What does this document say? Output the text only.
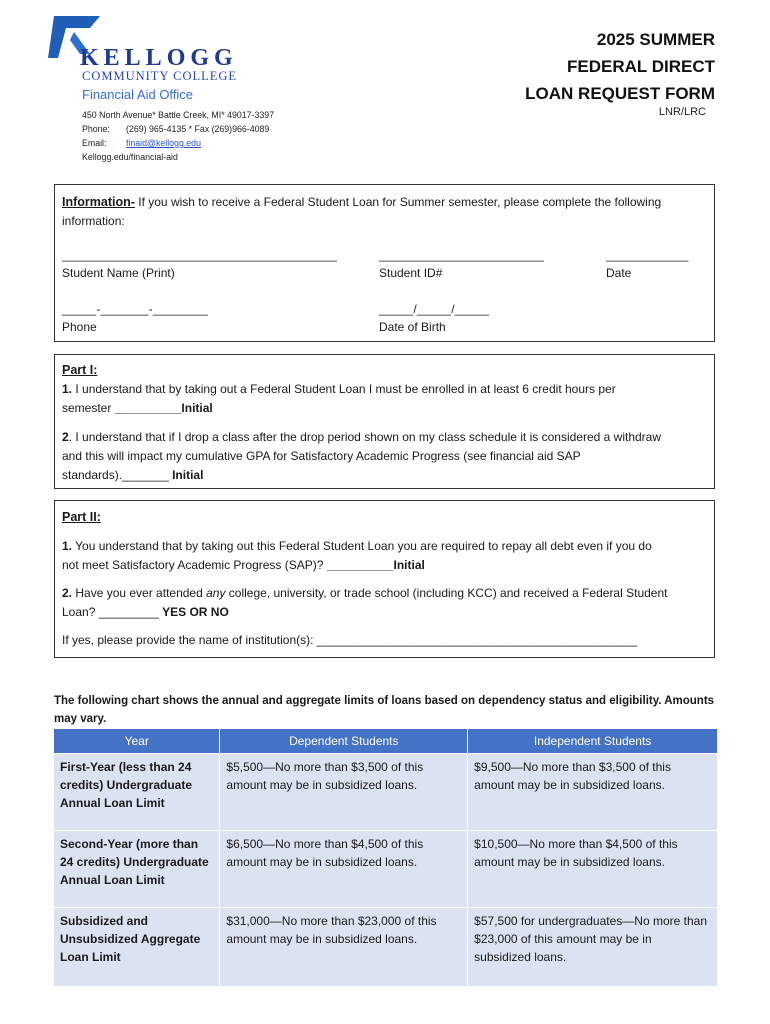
KELLOGG
COMMUNITY COLLEGE
Financial Aid Office
450 North Avenue* Battle Creek, MI* 49017-3397
Phone: (269) 965-4135 * Fax (269)966-4089
Email: finaid@kellogg.edu
Kellogg.edu/financial-aid
2025 SUMMER
FEDERAL DIRECT
LOAN REQUEST FORM
LNR/LRC
Information- If you wish to receive a Federal Student Loan for Summer semester, please complete the following
information:
________________________________________
Student Name (Print)
________________________
Student ID#
____________
Date
_____-_______-________
Phone
_____/_____/_____
Date of Birth
Part I:
1. I understand that by taking out a Federal Student Loan I must be enrolled in at least 6 credit hours per
semester __________Initial
2. I understand that if I drop a class after the drop period shown on my class schedule it is considered a withdraw
and this will impact my cumulative GPA for Satisfactory Academic Progress (see financial aid SAP
standards)._______ Initial
Part II:
1. You understand that by taking out this Federal Student Loan you are required to repay all debt even if you do
not meet Satisfactory Academic Progress (SAP)? __________Initial
2. Have you ever attended any college, university, or trade school (including KCC) and received a Federal Student
Loan? _________ YES OR NO
If yes, please provide the name of institution(s): ________________________________________________
The following chart shows the annual and aggregate limits of loans based on dependency status and eligibility. Amounts
may vary.
Year	Dependent Students	Independent Students
First-Year (less than 24 credits) Undergraduate Annual Loan Limit	$5,500—No more than $3,500 of this amount may be in subsidized loans.	$9,500—No more than $3,500 of this amount may be in subsidized loans.
Second-Year (more than 24 credits) Undergraduate Annual Loan Limit	$6,500—No more than $4,500 of this amount may be in subsidized loans.	$10,500—No more than $4,500 of this amount may be in subsidized loans.
Subsidized and Unsubsidized Aggregate Loan Limit	$31,000—No more than $23,000 of this amount may be in subsidized loans.	$57,500 for undergraduates—No more than $23,000 of this amount may be in subsidized loans.
